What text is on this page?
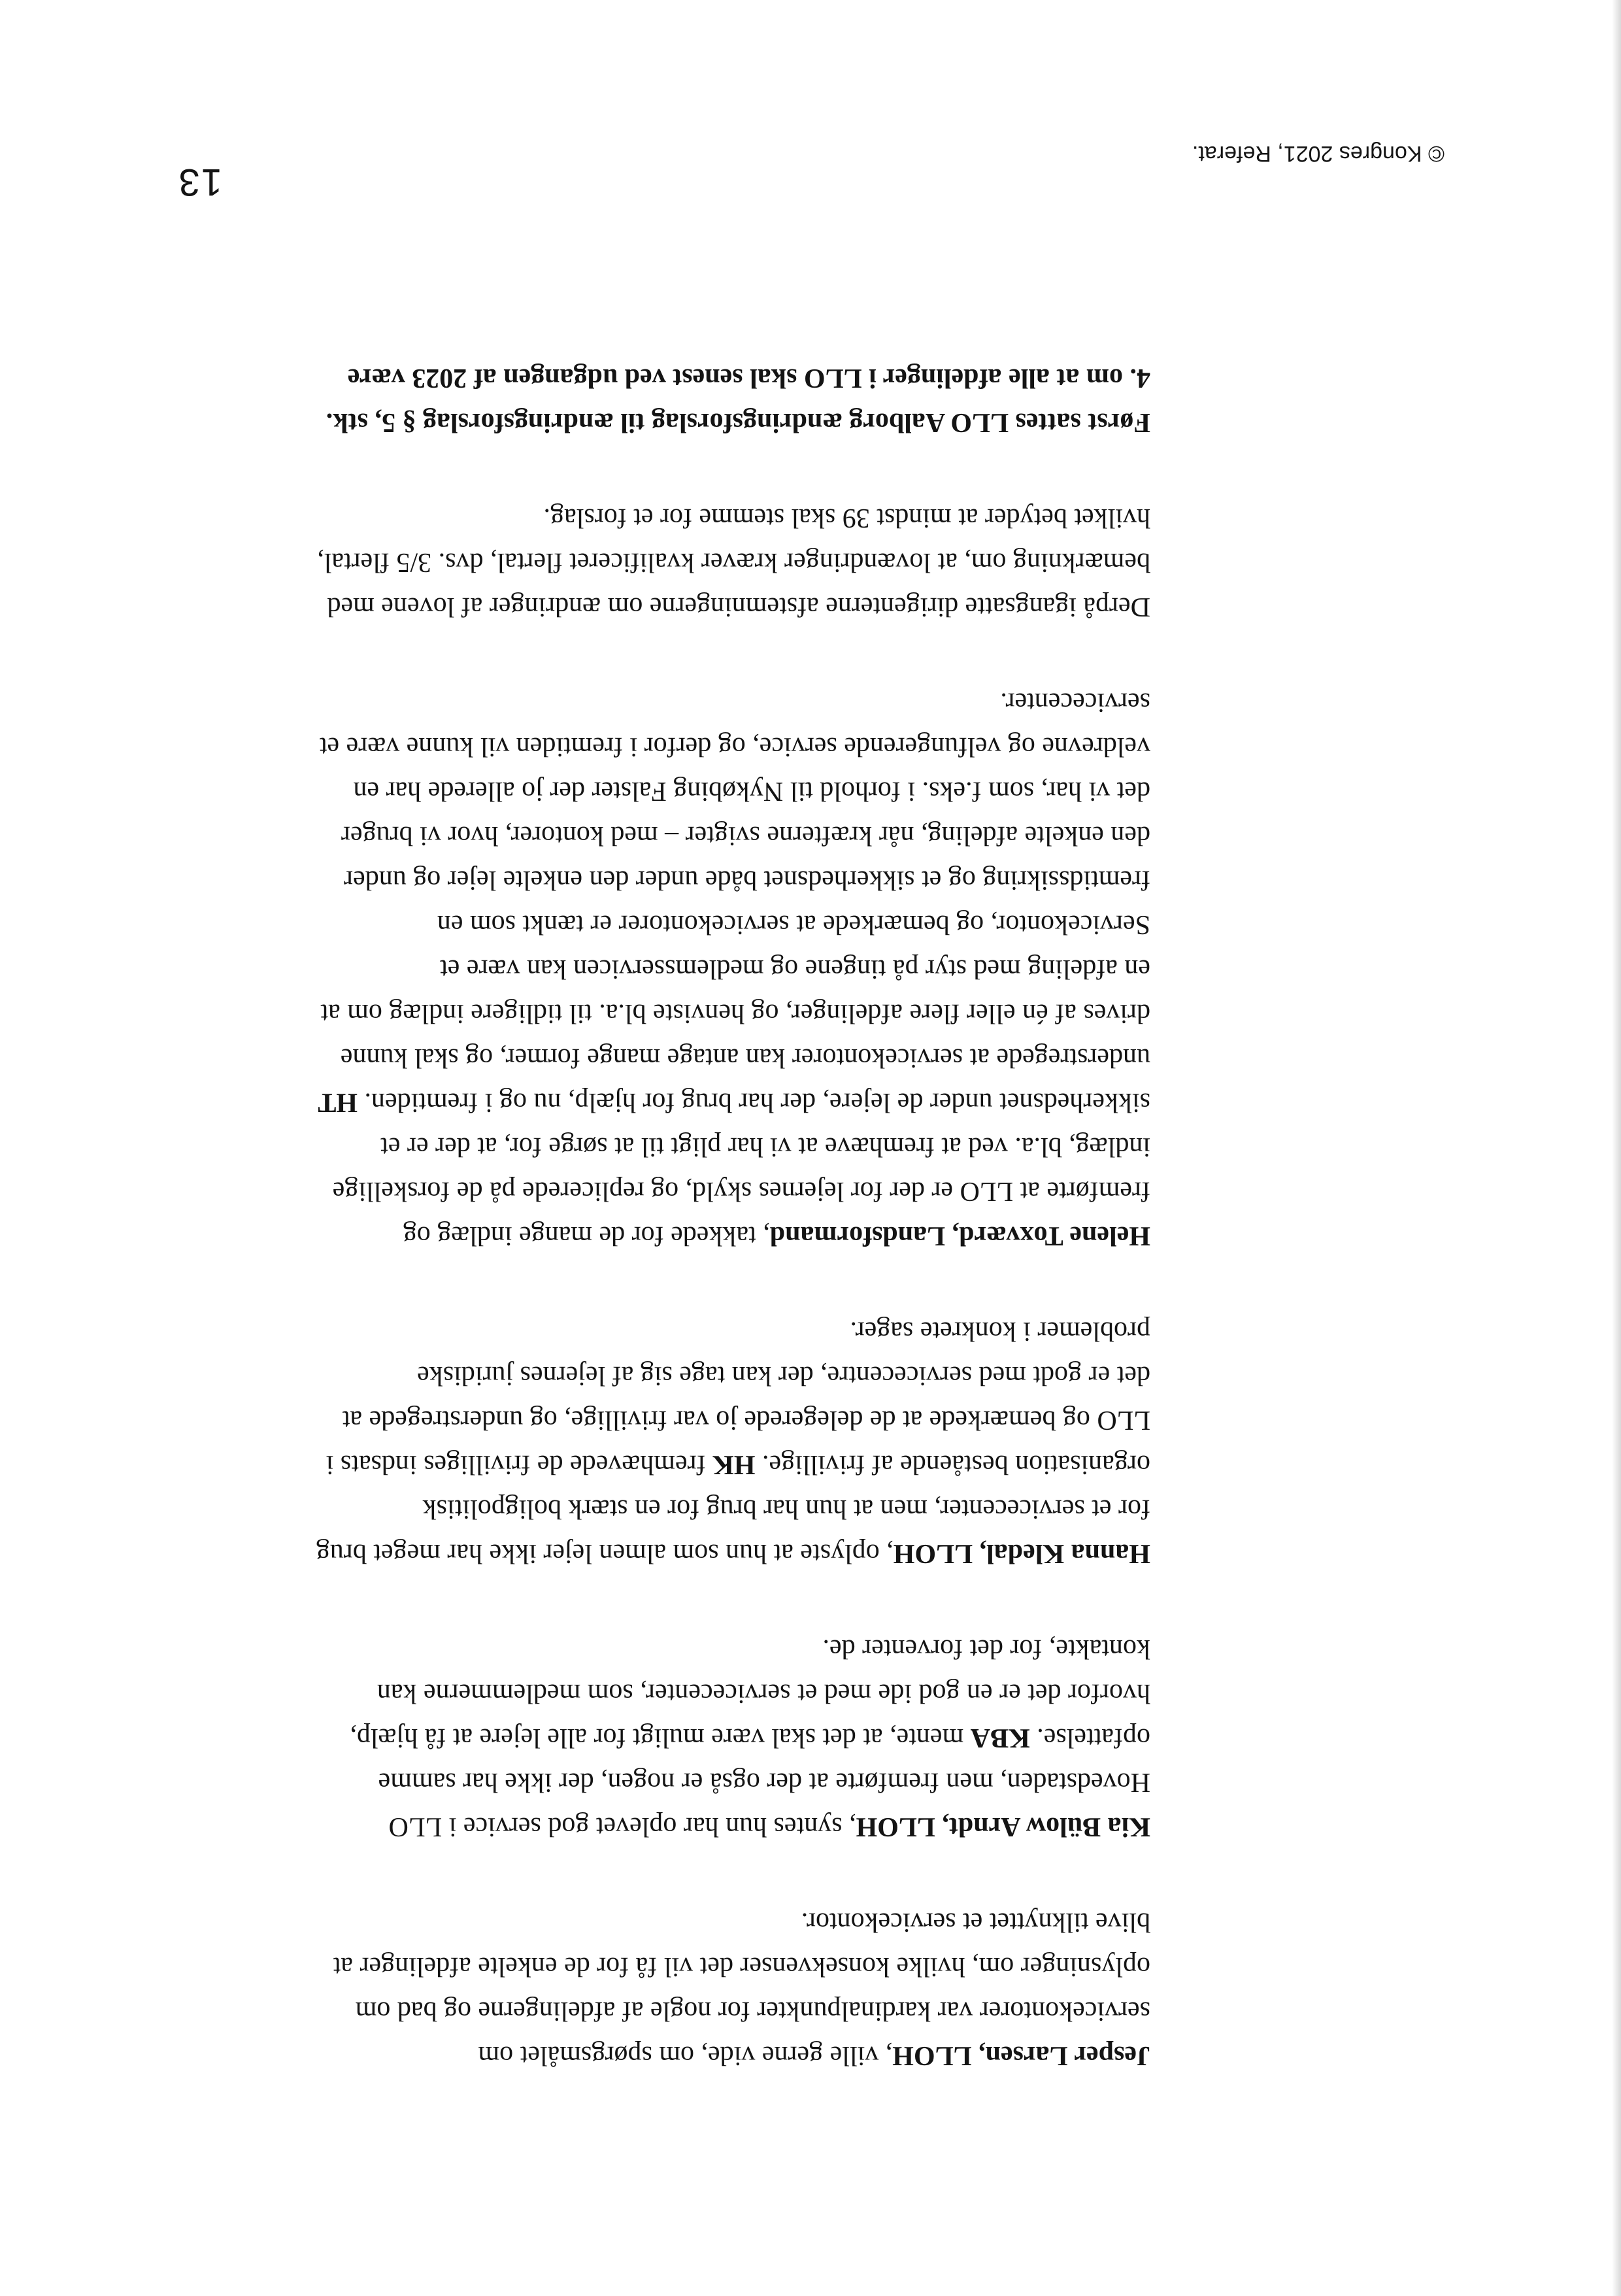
13
Jesper Larsen, LLOH, ville gerne vide, om spørgsmålet om
servicekontorer var kardinalpunkter for nogle af afdelingerne og bad om
oplysninger om, hvilke konsekvenser det vil få for de enkelte afdelinger at
blive tilknyttet et servicekontor.
Kia Bülow Arndt, LLOH, syntes hun har oplevet god service i LLO
Hovedstaden, men fremførte at der også er nogen, der ikke har samme
opfattelse. KBA mente, at det skal være muligt for alle lejere at få hjælp,
hvorfor det er en god ide med et servicecenter, som medlemmerne kan
kontakte, for det forventer de.
Hanna Kledal, LLOH, oplyste at hun som almen lejer ikke har meget brug
for et servicecenter, men at hun har brug for en stærk boligpolitisk
organisation bestående af frivillige. HK fremhævede de frivilliges indsats i
LLO og bemærkede at de delegerede jo var frivillige, og understregede at
det er godt med servicecentre, der kan tage sig af lejernes juridiske
problemer i konkrete sager.
Helene Toxværd, Landsformand, takkede for de mange indlæg og
fremførte at LLO er der for lejernes skyld, og replicerede på de forskellige
indlæg, bl.a. ved at fremhæve at vi har pligt til at sørge for, at der er et
sikkerhedsnet under de lejere, der har brug for hjælp, nu og i fremtiden. HT
understregede at servicekontorer kan antage mange former, og skal kunne
drives af én eller flere afdelinger, og henviste bl.a. til tidligere indlæg om at
en afdeling med styr på tingene og medlemsservicen kan være et
Servicekontor, og bemærkede at servicekontorer er tænkt som en
fremtidssikring og et sikkerhedsnet både under den enkelte lejer og under
den enkelte afdeling, når kræfterne svigter – med kontorer, hvor vi bruger
det vi har, som f.eks. i forhold til Nykøbing Falster der jo allerede har en
veldrevne og velfungerende service, og derfor i fremtiden vil kunne være et
servicecenter.
Derpå igangsatte dirigenterne afstemningerne om ændringer af lovene med
bemærkning om, at lovændringer kræver kvalificeret flertal, dvs. 3/5 flertal,
hvilket betyder at mindst 39 skal stemme for et forslag.
Først sattes LLO Aalborg ændringsforslag til ændringsforslag § 5, stk.
4. om at alle afdelinger i LLO skal senest ved udgangen af 2023 være
© Kongres 2021, Referat.
